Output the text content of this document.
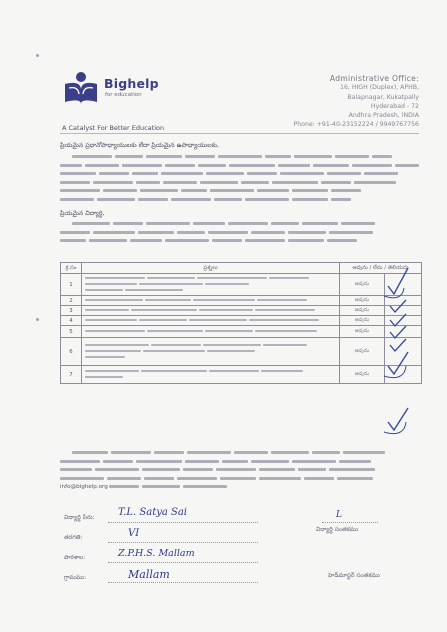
Bighelp
for education
A Catalyst For Better Education
Administrative Office:
16, HIGH (Duplex), APHB,
Balapnagar, Kukatpally
Hyderabad - 72
Andhra Pradesh, INDIA
Phone: +91-40-23152224 / 9949767756
ప్రియమైన ప్రధానోపాధ్యాయులకు లేదా ప్రియమైన ఉపాధ్యాయులకు,
ప్రియమైన విద్యార్థి,
క్ర.సం	ప్రశ్నలు	అవును / లేదు / తెలియదు	
1		అవును	
2		అవును	
3		అవును	
4		అవును	
5		అవును	
6		అవును	
7		అవును	
info@bighelp.org
విద్యార్థి పేరు: T.L. Satya Sai
తరగతి:	VI
పాఠశాల:	Z.P.H.S. Mallam
గ్రామము:	Mallam
L
విద్యార్థి సంతకము
హెడ్‌మాస్టర్ సంతకము
